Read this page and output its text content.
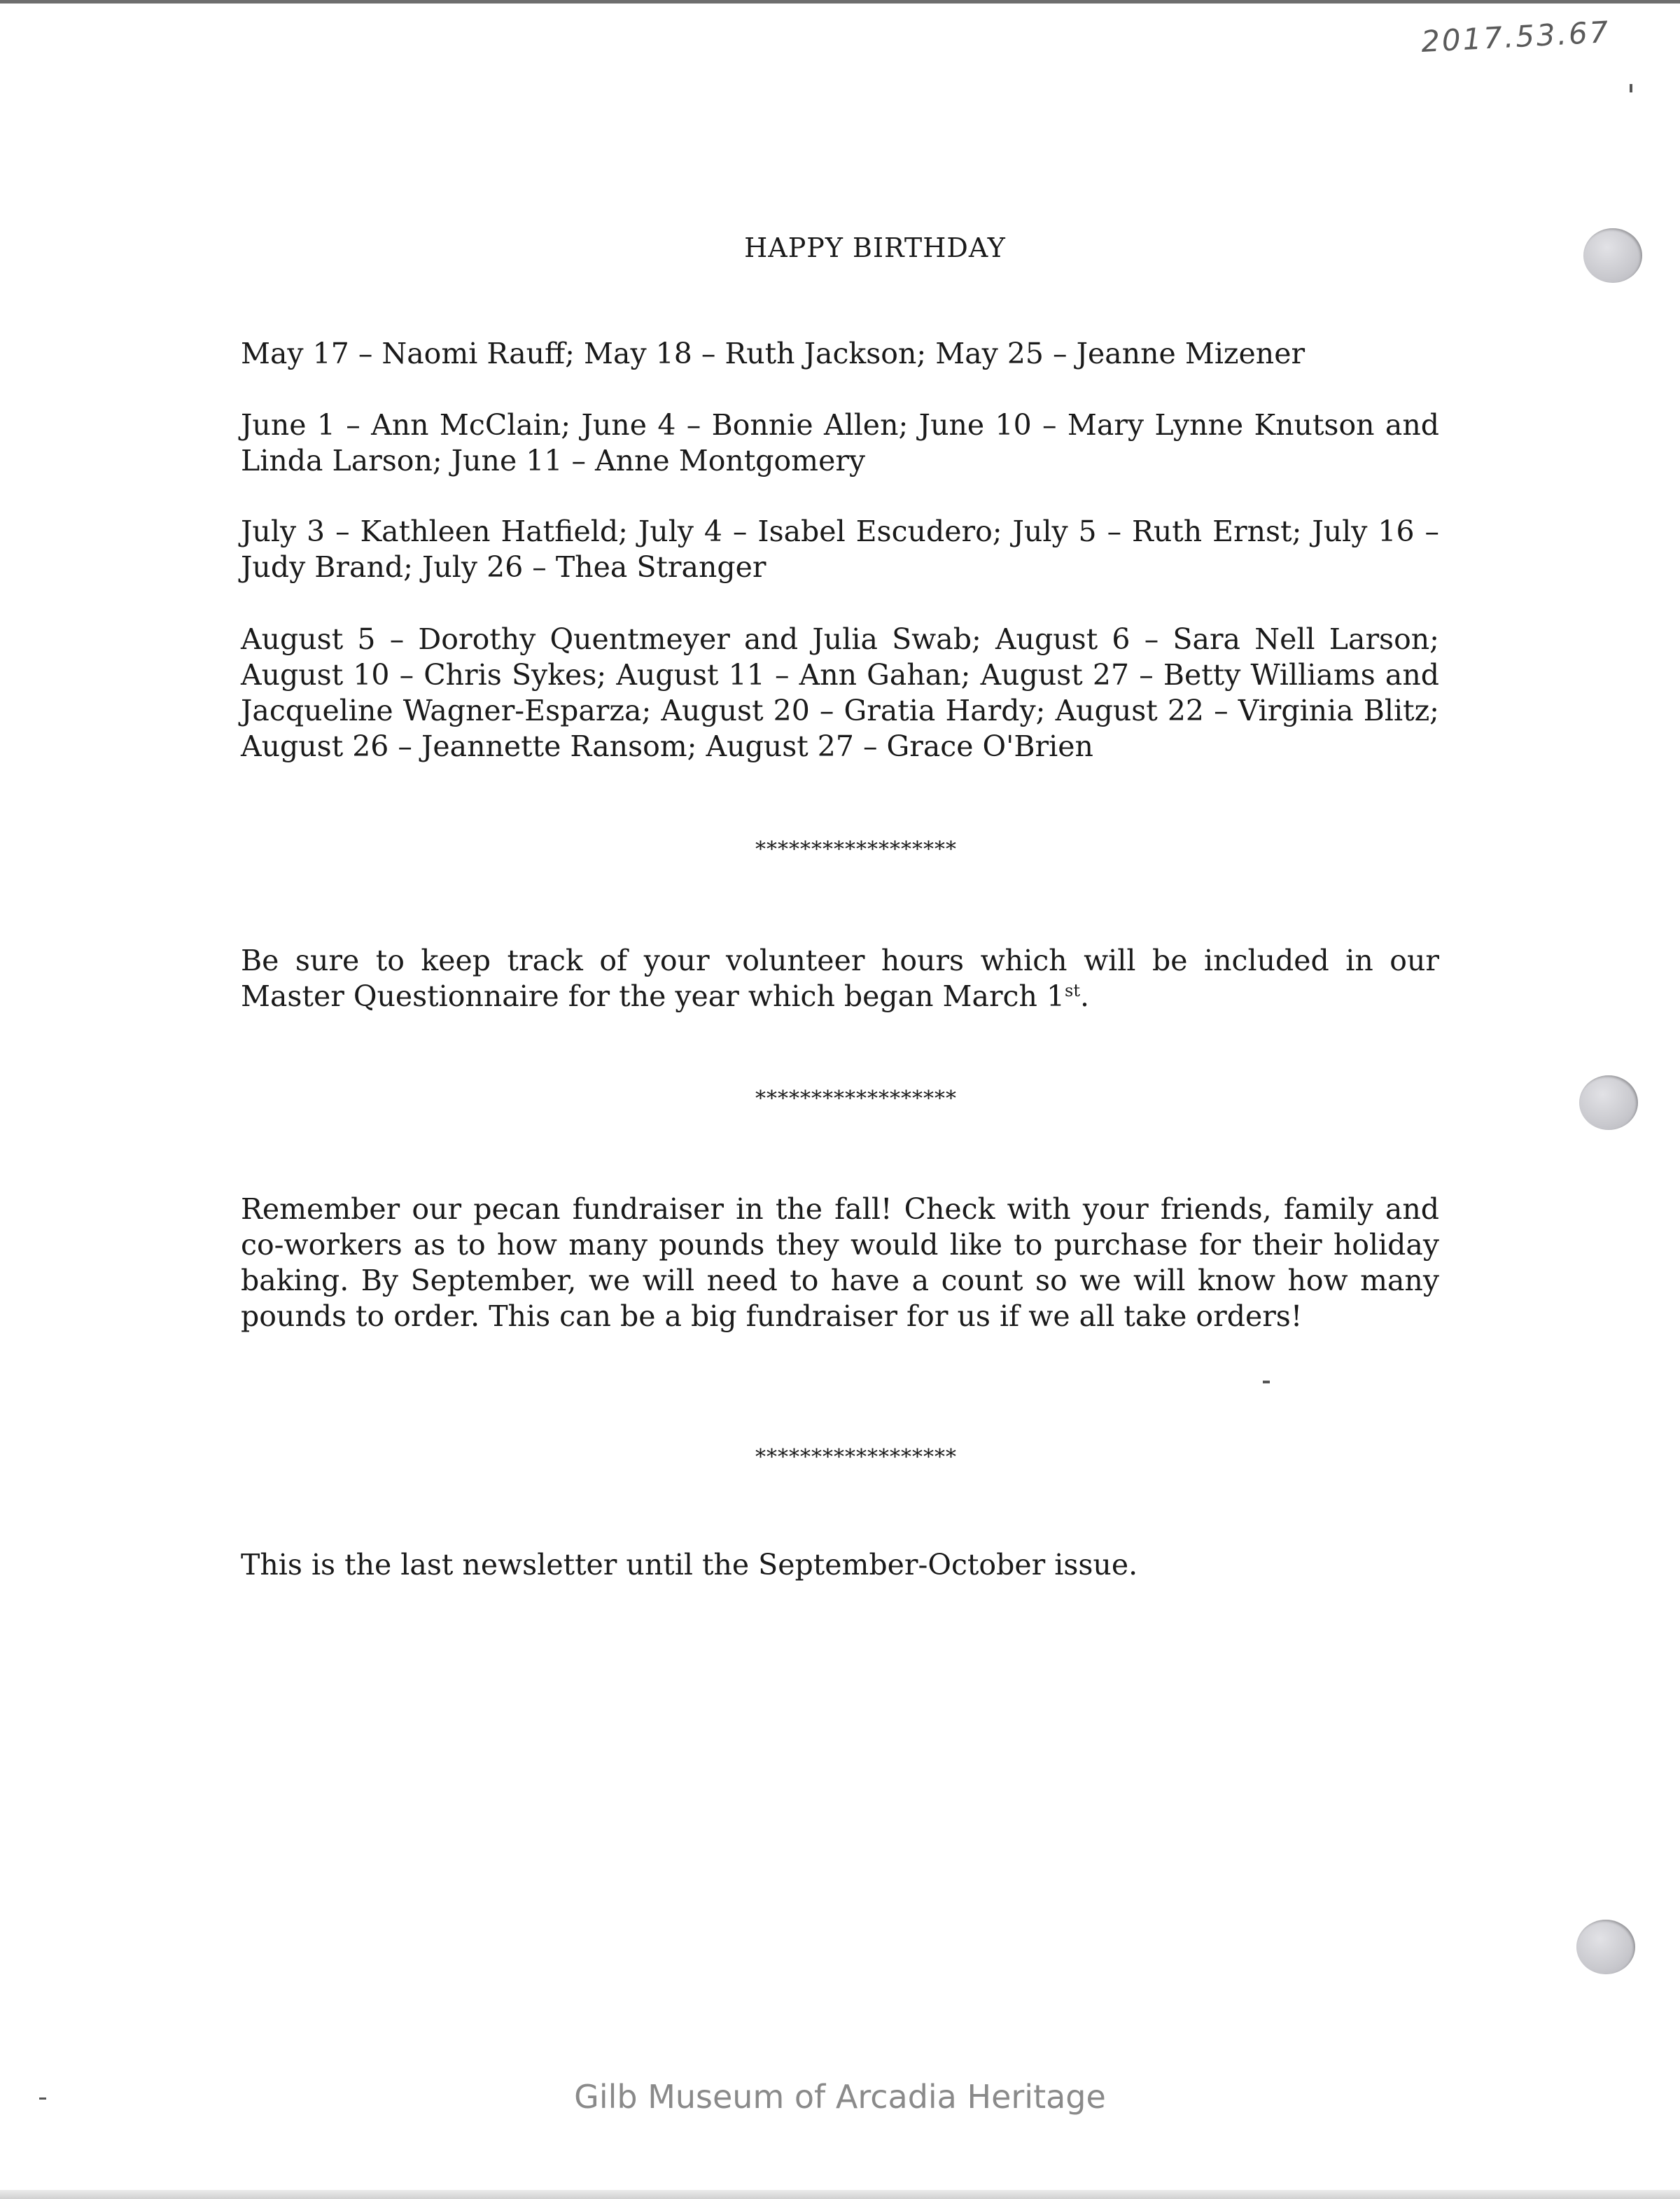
2017.53.67
HAPPY BIRTHDAY

May 17 – Naomi Rauff; May 18 – Ruth Jackson; May 25 – Jeanne Mizener

June 1 – Ann McClain; June 4 – Bonnie Allen; June 10 – Mary Lynne Knutson and Linda Larson; June 11 – Anne Montgomery

July 3 – Kathleen Hatfield; July 4 – Isabel Escudero; July 5 – Ruth Ernst; July 16 – Judy Brand; July 26 – Thea Stranger

August 5 – Dorothy Quentmeyer and Julia Swab; August 6 – Sara Nell Larson; August 10 – Chris Sykes; August 11 – Ann Gahan; August 27 – Betty Williams and Jacqueline Wagner-Esparza; August 20 – Gratia Hardy; August 22 – Virginia Blitz; August 26 – Jeannette Ransom; August 27 – Grace O'Brien

******************

Be sure to keep track of your volunteer hours which will be included in our Master Questionnaire for the year which began March 1st.

******************

Remember our pecan fundraiser in the fall! Check with your friends, family and co-workers as to how many pounds they would like to purchase for their holiday baking. By September, we will need to have a count so we will know how many pounds to order. This can be a big fundraiser for us if we all take orders!

******************

This is the last newsletter until the September-October issue.

Gilb Museum of Arcadia Heritage
